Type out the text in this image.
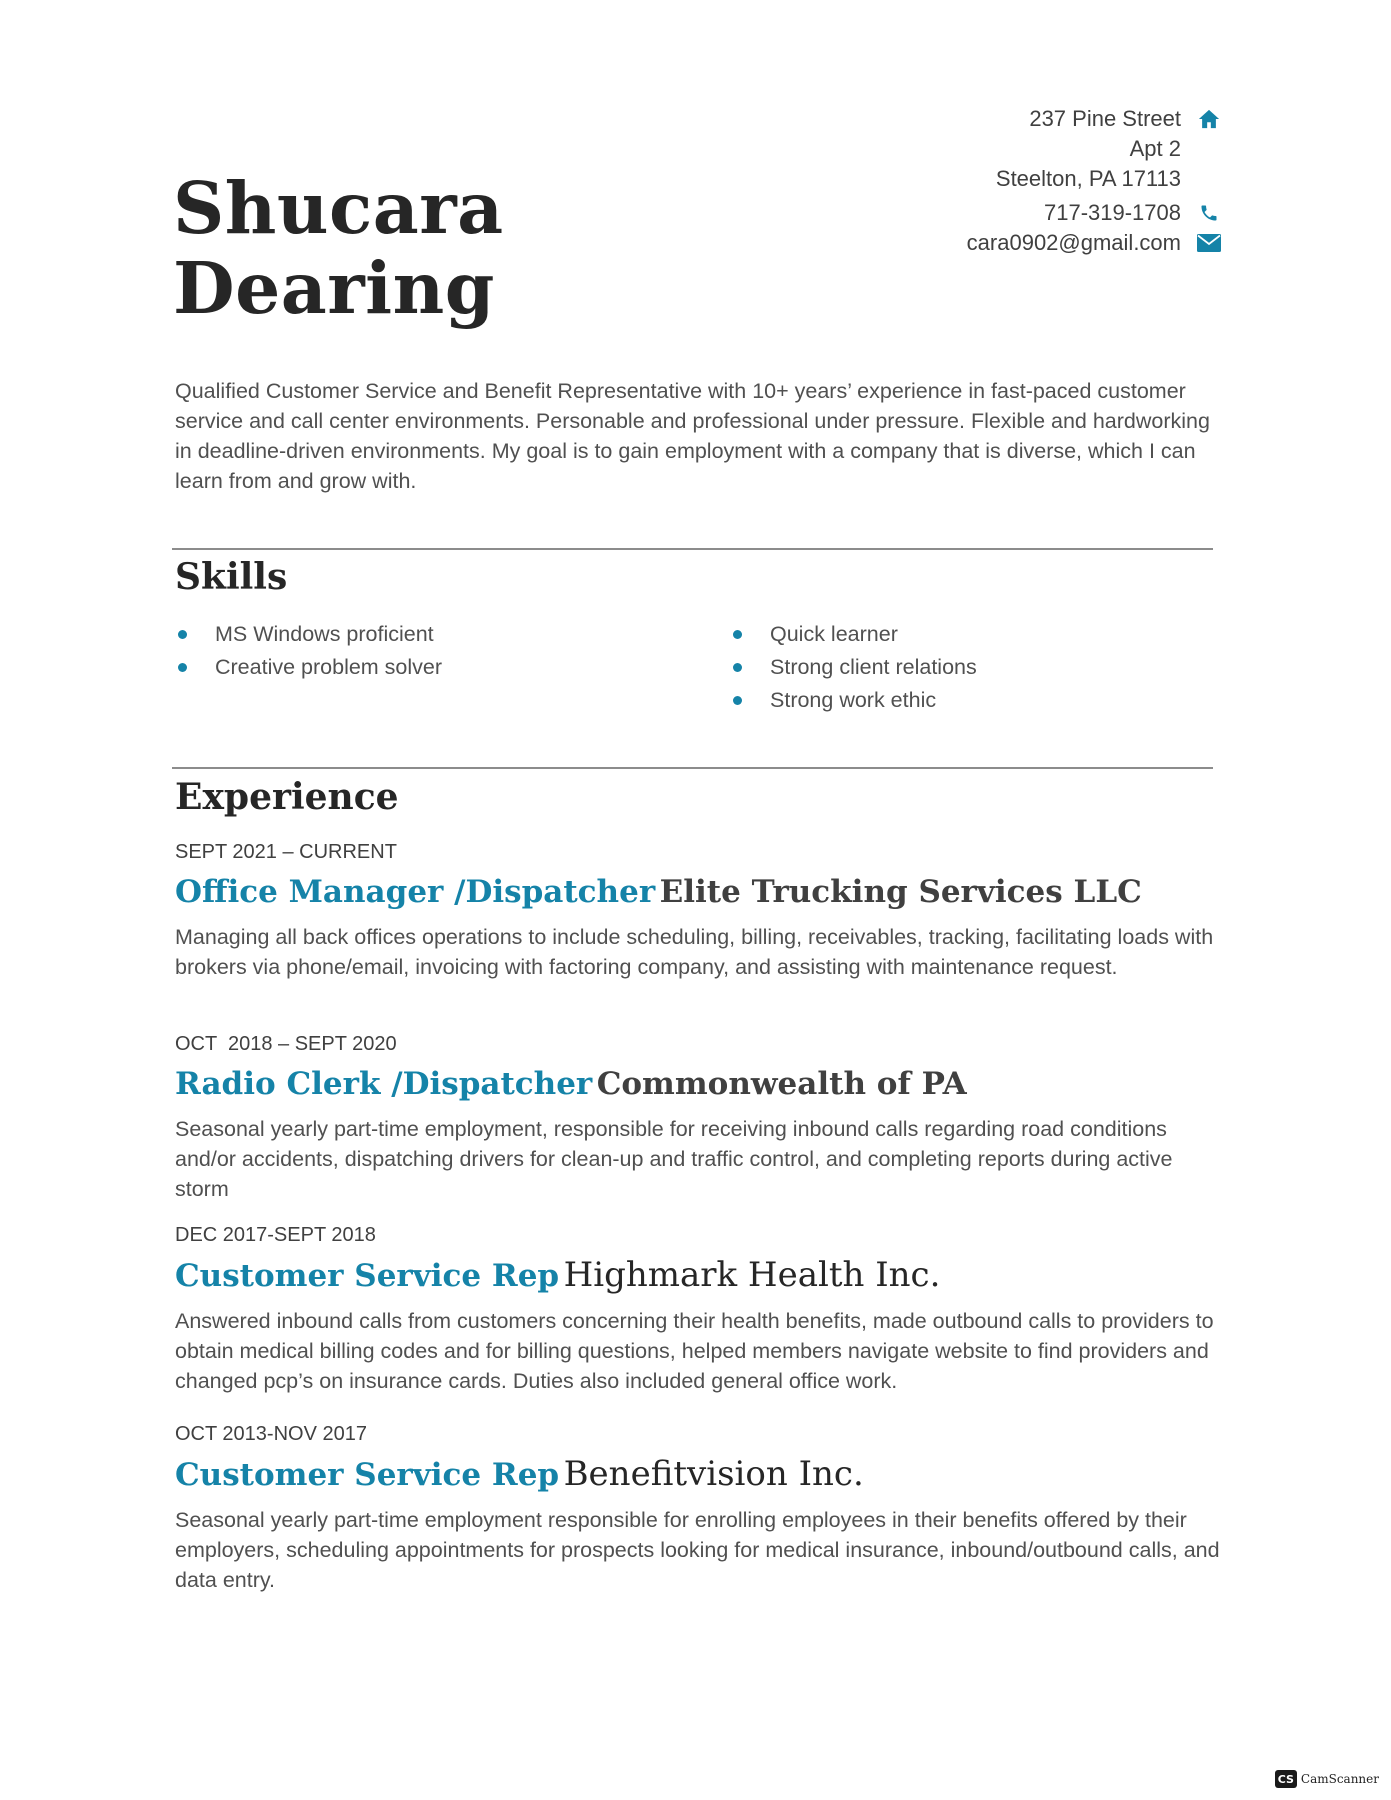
Shucara
Dearing
237 Pine Street
Apt 2
Steelton, PA 17113
717-319-1708
cara0902@gmail.com
Qualified Customer Service and Benefit Representative with 10+ years’ experience in fast-paced customer service and call center environments. Personable and professional under pressure. Flexible and hardworking in deadline-driven environments. My goal is to gain employment with a company that is diverse, which I can learn from and grow with.
Skills
MS Windows proficient
Creative problem solver
Quick learner
Strong client relations
Strong work ethic
Experience
SEPT 2021 – CURRENT
Office Manager /Dispatcher Elite Trucking Services LLC
Managing all back offices operations to include scheduling, billing, receivables, tracking, facilitating loads with brokers via phone/email, invoicing with factoring company, and assisting with maintenance request.
OCT  2018 – SEPT 2020
Radio Clerk /Dispatcher Commonwealth of PA
Seasonal yearly part-time employment, responsible for receiving inbound calls regarding road conditions and/or accidents, dispatching drivers for clean-up and traffic control, and completing reports during active storm
DEC 2017-SEPT 2018
Customer Service Rep Highmark Health Inc.
Answered inbound calls from customers concerning their health benefits, made outbound calls to providers to obtain medical billing codes and for billing questions, helped members navigate website to find providers and changed pcp’s on insurance cards. Duties also included general office work.
OCT 2013-NOV 2017
Customer Service Rep Benefitvision Inc.
Seasonal yearly part-time employment responsible for enrolling employees in their benefits offered by their employers, scheduling appointments for prospects looking for medical insurance, inbound/outbound calls, and data entry.
CS CamScanner
